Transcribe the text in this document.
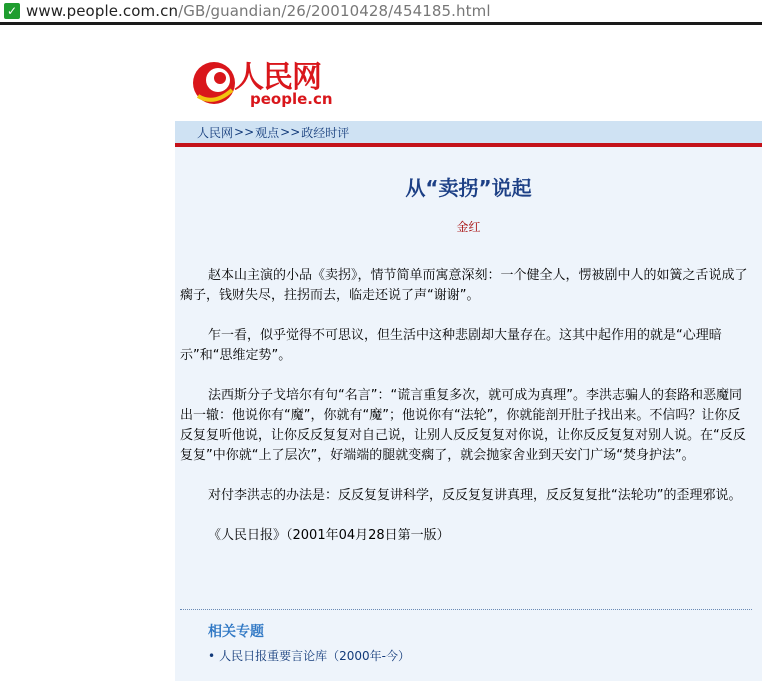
✓ www.people.com.cn/GB/guandian/26/20010428/454185.html
人民网
people.cn
人民网 >> 观点 >> 政经时评
从“卖拐”说起
金红

赵本山主演的小品《卖拐》，情节简单而寓意深刻：一个健全人，愣被剧中人的如簧之舌说成了瘸子，钱财失尽，拄拐而去，临走还说了声“谢谢”。

乍一看，似乎觉得不可思议，但生活中这种悲剧却大量存在。这其中起作用的就是“心理暗示”和“思维定势”。

法西斯分子戈培尔有句“名言”：“谎言重复多次，就可成为真理”。李洪志骗人的套路和恶魔同出一辙：他说你有“魔”，你就有“魔”；他说你有“法轮”，你就能剖开肚子找出来。不信吗？让你反反复复听他说，让你反反复复对自己说，让别人反反复复对你说，让你反反复复对别人说。在“反反复复”中你就“上了层次”，好端端的腿就变瘸了，就会抛家舍业到天安门广场“焚身护法”。

对付李洪志的办法是：反反复复讲科学，反反复复讲真理，反反复复批“法轮功”的歪理邪说。

《人民日报》（2001年04月28日第一版）

相关专题
• 人民日报重要言论库（2000年-今）
